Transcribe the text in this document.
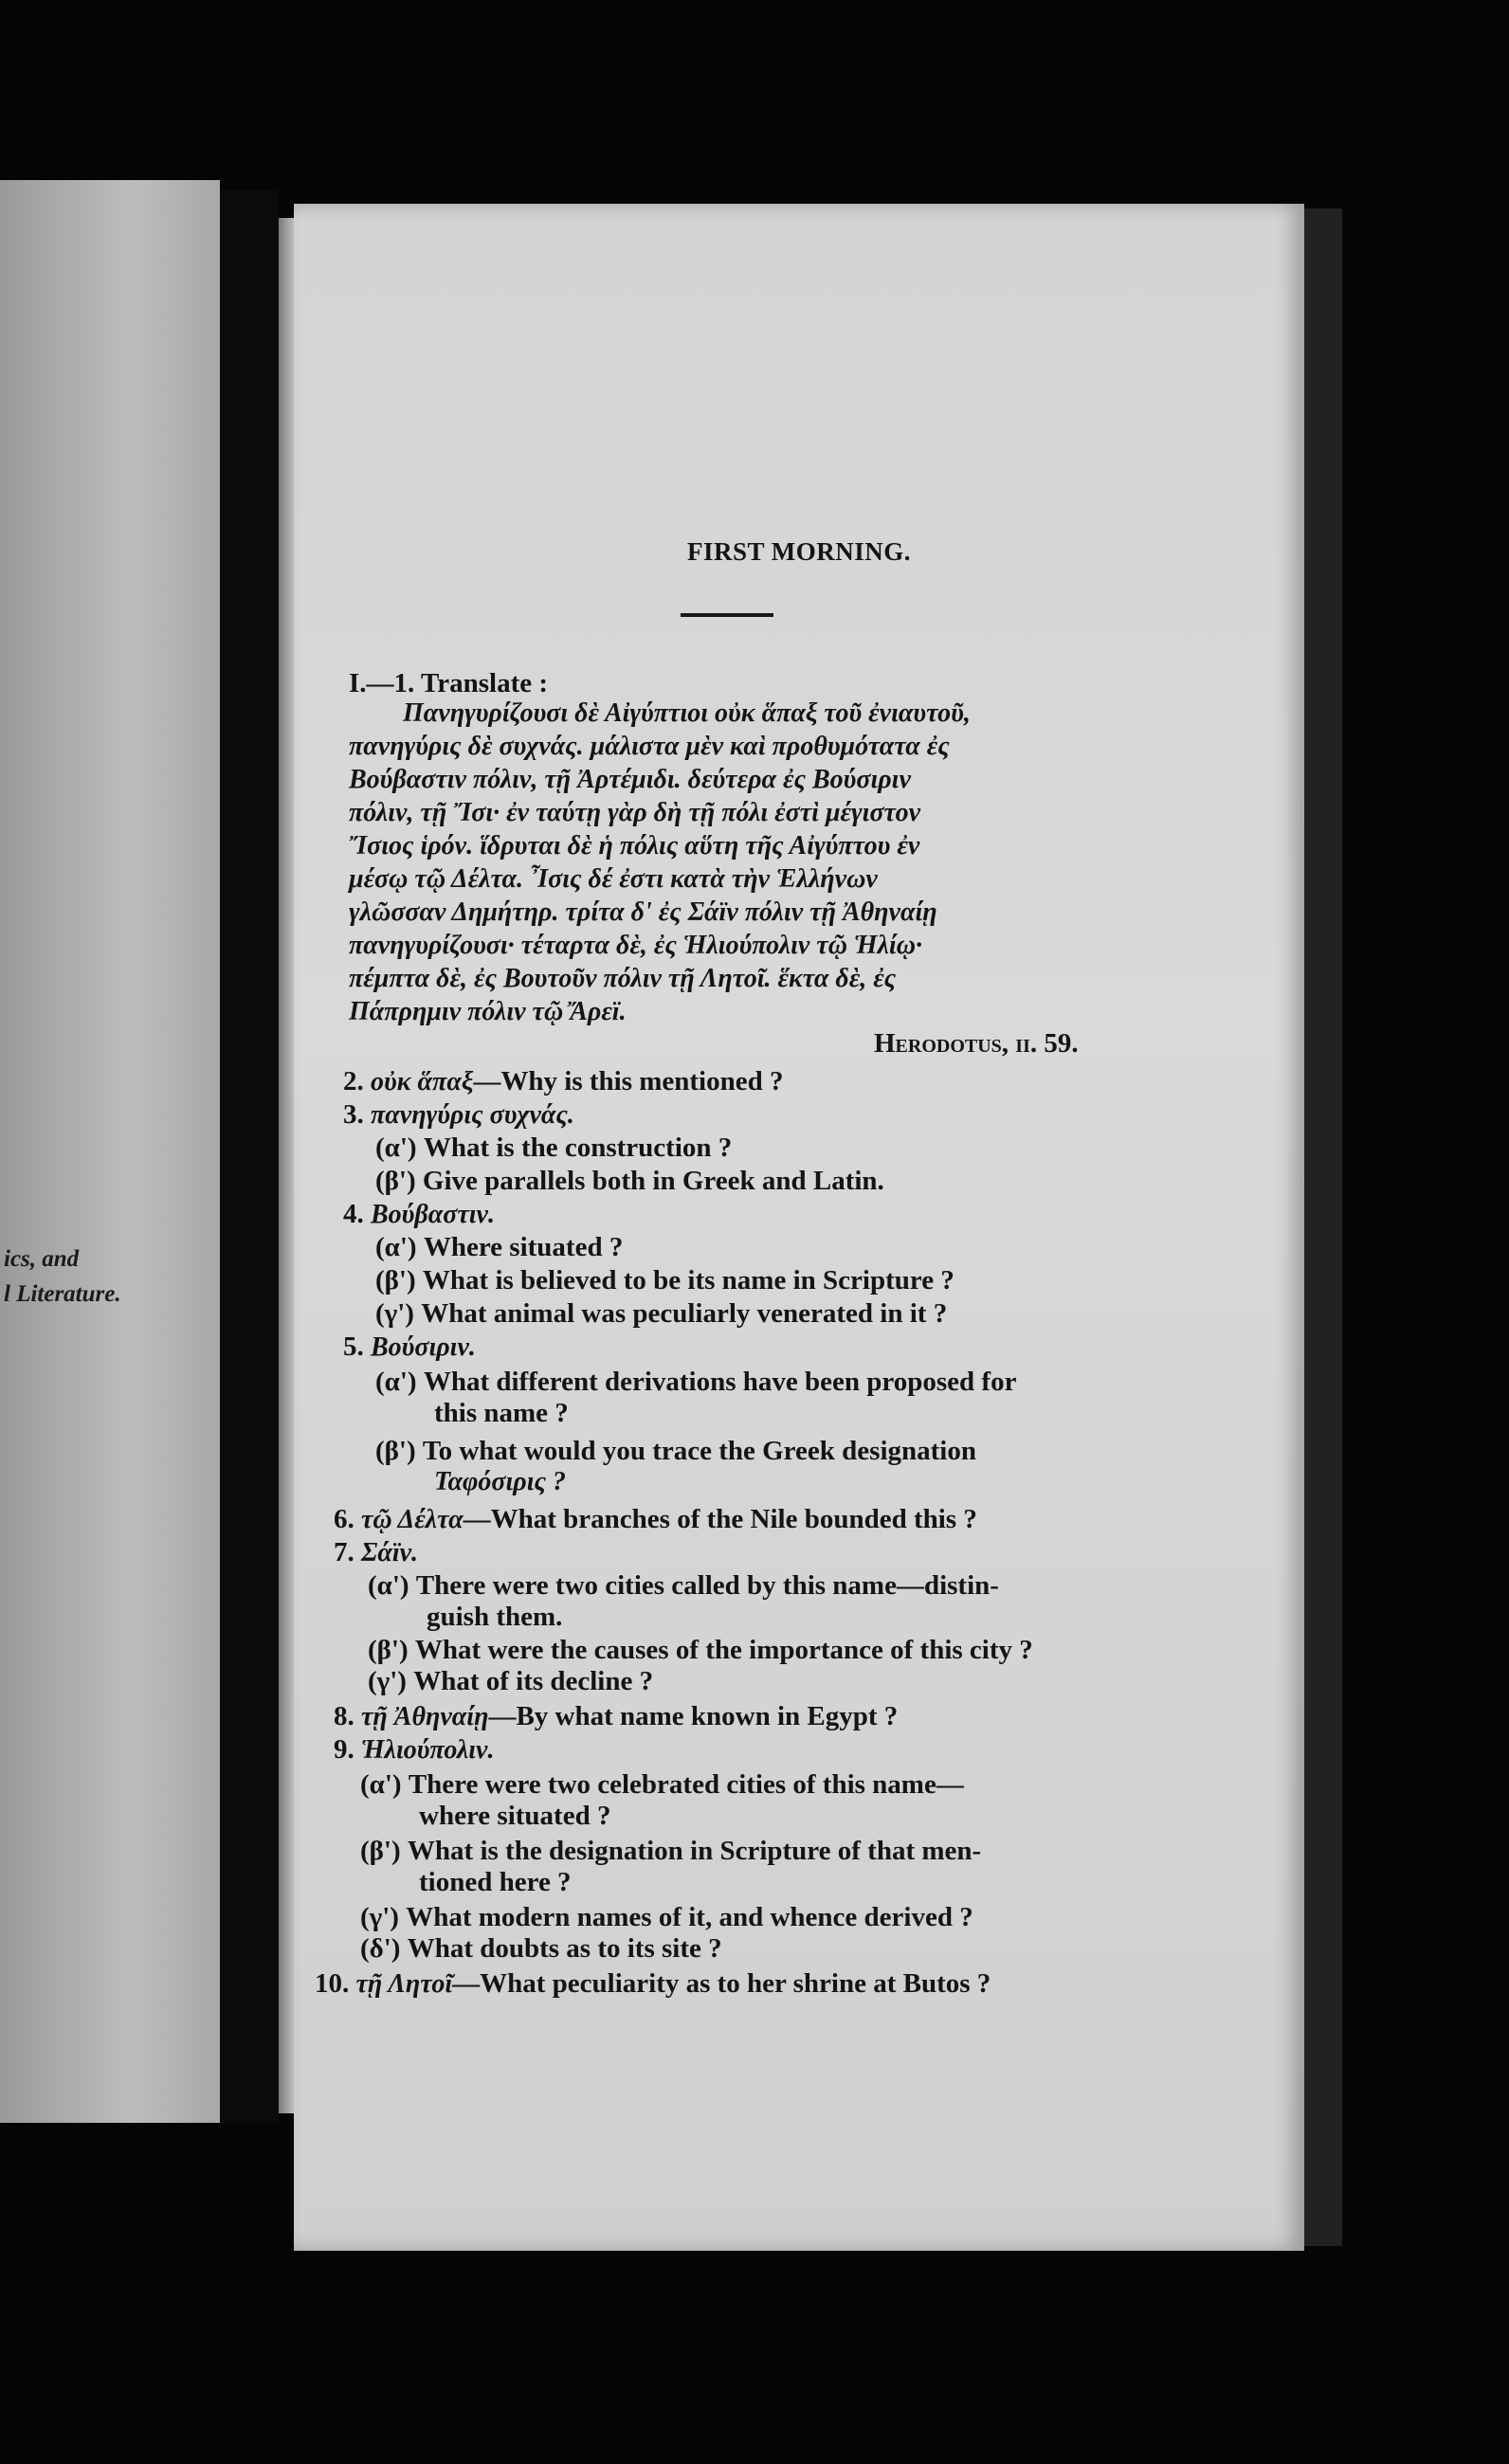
ics, and
l Literature.
FIRST MORNING.
I.—1. Translate :
Πανηγυρίζουσι δὲ Αἰγύπτιοι οὐκ ἅπαξ τοῦ ἐνιαυτοῦ,
πανηγύρις δὲ συχνάς. μάλιστα μὲν καὶ προθυμότατα ἐς
Βούβαστιν πόλιν, τῇ Ἀρτέμιδι. δεύτερα ἐς Βούσιριν
πόλιν, τῇ Ἴσι· ἐν ταύτῃ γὰρ δὴ τῇ πόλι ἐστὶ μέγιστον
Ἴσιος ἱρόν. ἵδρυται δὲ ἡ πόλις αὕτη τῆς Αἰγύπτου ἐν
μέσῳ τῷ Δέλτα. Ἶσις δέ ἐστι κατὰ τὴν Ἑλλήνων
γλῶσσαν Δημήτηρ. τρίτα δ' ἐς Σάϊν πόλιν τῇ Ἀθηναίῃ
πανηγυρίζουσι· τέταρτα δὲ, ἐς Ἡλιούπολιν τῷ Ἡλίῳ·
πέμπτα δὲ, ἐς Βουτοῦν πόλιν τῇ Λητοῖ. ἕκτα δὲ, ἐς
Πάπρημιν πόλιν τῷ Ἄρεϊ.
Herodotus, ii. 59.
2. οὐκ ἅπαξ—Why is this mentioned ?
3. πανηγύρις συχνάς.
(α') What is the construction ?
(β') Give parallels both in Greek and Latin.
4. Βούβαστιν.
(α') Where situated ?
(β') What is believed to be its name in Scripture ?
(γ') What animal was peculiarly venerated in it ?
5. Βούσιριν.
(α') What different derivations have been proposed for
this name ?
(β') To what would you trace the Greek designation
Ταφόσιρις ?
6. τῷ Δέλτα—What branches of the Nile bounded this ?
7. Σάϊν.
(α') There were two cities called by this name—distin-
guish them.
(β') What were the causes of the importance of this city ?
(γ') What of its decline ?
8. τῇ Ἀθηναίῃ—By what name known in Egypt ?
9. Ἡλιούπολιν.
(α') There were two celebrated cities of this name—
where situated ?
(β') What is the designation in Scripture of that men-
tioned here ?
(γ') What modern names of it, and whence derived ?
(δ') What doubts as to its site ?
10. τῇ Λητοῖ—What peculiarity as to her shrine at Butos ?
